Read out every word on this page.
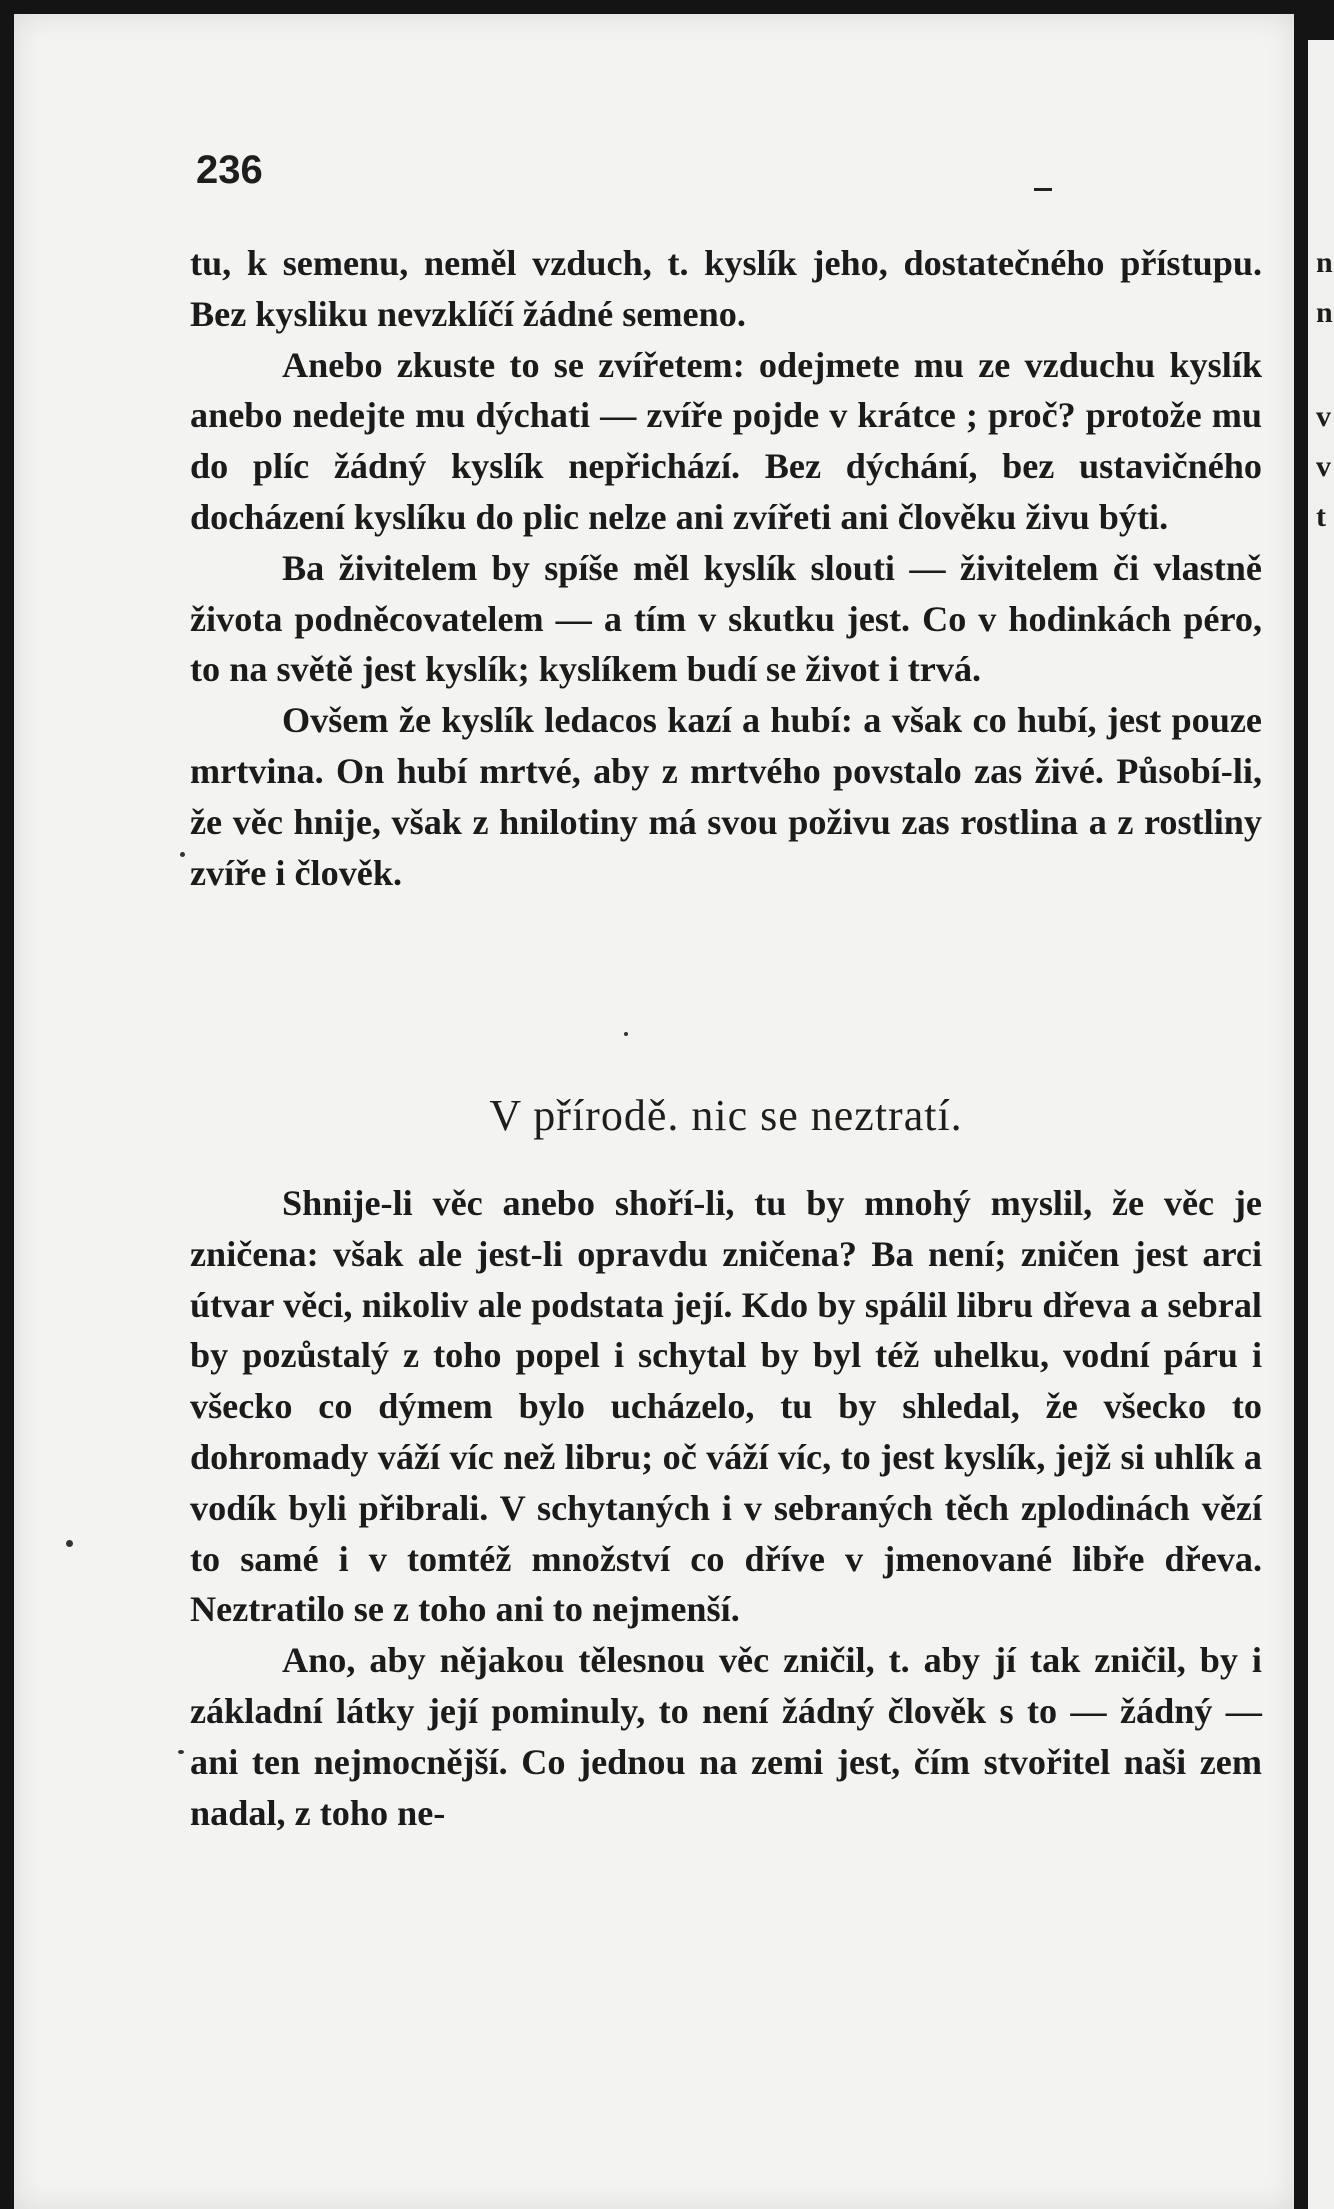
n
n
v
v
t
236

tu, k semenu, neměl vzduch, t. kyslík jeho, dostatečného přístupu. Bez kysliku nevzklíčí žádné semeno.

Anebo zkuste to se zvířetem: odejmete mu ze vzduchu kyslík anebo nedejte mu dýchati — zvíře pojde v krátce ; proč? protože mu do plíc žádný kyslík nepřichází. Bez dýchání, bez ustavičného docházení kyslíku do plic nelze ani zvířeti ani člověku živu býti.

Ba živitelem by spíše měl kyslík slouti — živitelem či vlastně života podněcovatelem — a tím v skutku jest. Co v hodinkách péro, to na světě jest kyslík; kyslíkem budí se život i trvá.

Ovšem že kyslík ledacos kazí a hubí: a však co hubí, jest pouze mrtvina. On hubí mrtvé, aby z mrtvého povstalo zas živé. Působí-li, že věc hnije, však z hnilotiny má svou poživu zas rostlina a z rostliny zvíře i člověk.

V přírodě. nic se neztratí.

Shnije-li věc anebo shoří-li, tu by mnohý myslil, že věc je zničena: však ale jest-li opravdu zničena? Ba není; zničen jest arci útvar věci, nikoliv ale podstata její. Kdo by spálil libru dřeva a sebral by pozůstalý z toho popel i schytal by byl též uhelku, vodní páru i všecko co dýmem bylo ucházelo, tu by shledal, že všecko to dohromady váží víc než libru; oč váží víc, to jest kyslík, jejž si uhlík a vodík byli přibrali. V schytaných i v sebraných těch zplodinách vězí to samé i v tomtéž množství co dříve v jmenované libře dřeva. Neztratilo se z toho ani to nejmenší.

Ano, aby nějakou tělesnou věc zničil, t. aby jí tak zničil, by i základní látky její pominuly, to není žádný člověk s to — žádný — ani ten nejmocnější. Co jednou na zemi jest, čím stvořitel naši zem nadal, z toho ne-
